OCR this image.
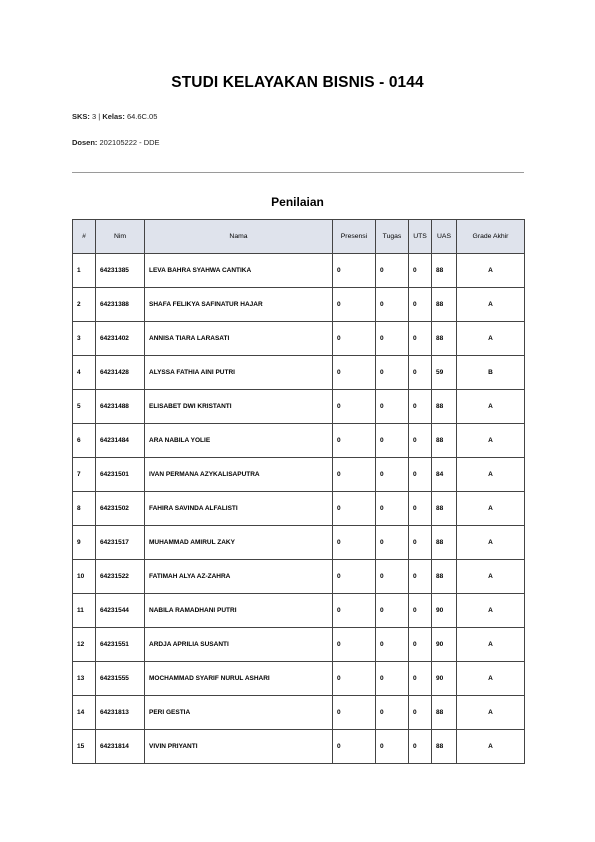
STUDI KELAYAKAN BISNIS - 0144
SKS: 3 | Kelas: 64.6C.05
Dosen: 202105222 - DDE
Penilaian
#	Nim	Nama	Presensi	Tugas	UTS	UAS	Grade Akhir
1	64231385	LEVA BAHRA SYAHWA CANTIKA	0	0	0	88	A
2	64231388	SHAFA FELIKYA SAFINATUR HAJAR	0	0	0	88	A
3	64231402	ANNISA TIARA LARASATI	0	0	0	88	A
4	64231428	ALYSSA FATHIA AINI PUTRI	0	0	0	59	B
5	64231488	ELISABET DWI KRISTANTI	0	0	0	88	A
6	64231484	ARA NABILA YOLIE	0	0	0	88	A
7	64231501	IVAN PERMANA AZYKALISAPUTRA	0	0	0	84	A
8	64231502	FAHIRA SAVINDA ALFALISTI	0	0	0	88	A
9	64231517	MUHAMMAD AMIRUL ZAKY	0	0	0	88	A
10	64231522	FATIMAH ALYA AZ-ZAHRA	0	0	0	88	A
11	64231544	NABILA RAMADHANI PUTRI	0	0	0	90	A
12	64231551	ARDJA APRILIA SUSANTI	0	0	0	90	A
13	64231555	MOCHAMMAD SYARIF NURUL ASHARI	0	0	0	90	A
14	64231813	PERI GESTIA	0	0	0	88	A
15	64231814	VIVIN PRIYANTI	0	0	0	88	A
